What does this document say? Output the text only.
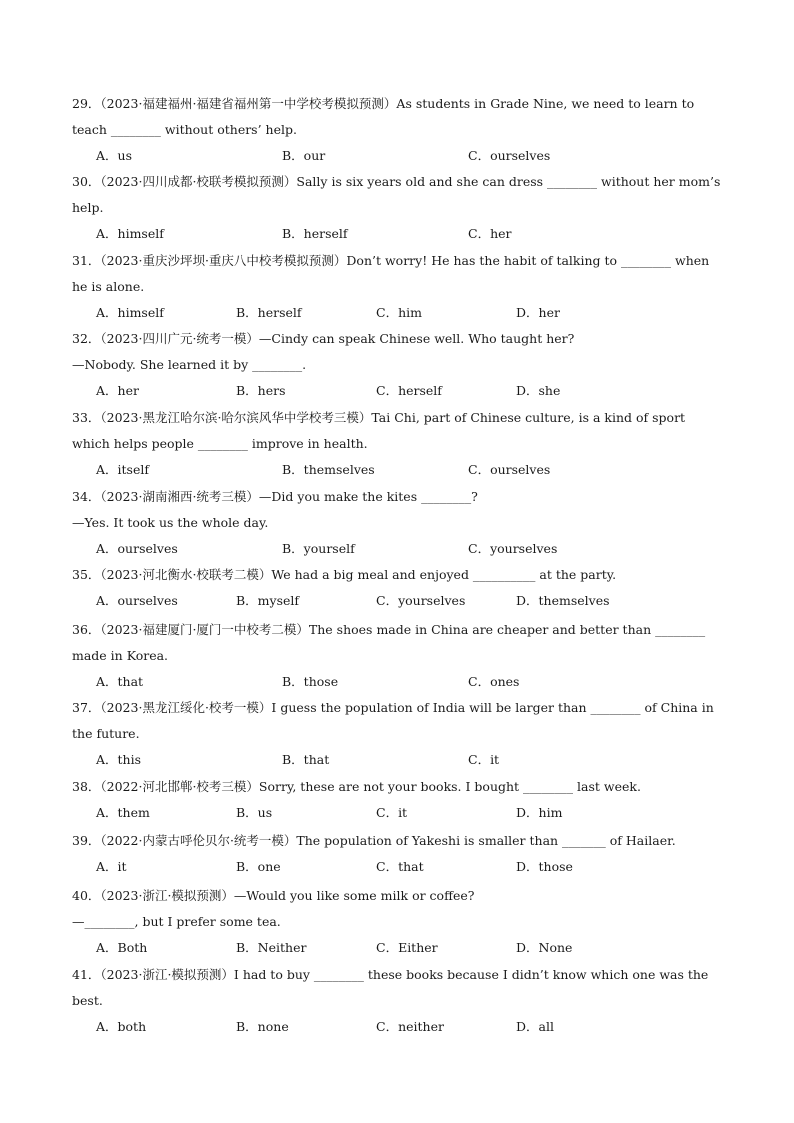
29．（2023·福建福州·福建省福州第一中学校考模拟预测）As students in Grade Nine, we need to learn to teach ________ without others’ help.
A．us	B．our	C．ourselves
30．（2023·四川成都·校联考模拟预测）Sally is six years old and she can dress ________ without her mom’s help.
A．himself	B．herself	C．her
31．（2023·重庆沙坪坝·重庆八中校考模拟预测）Don’t worry! He has the habit of talking to ________ when he is alone.
A．himself	B．herself	C．him	D．her
32．（2023·四川广元·统考一模）—Cindy can speak Chinese well. Who taught her?
—Nobody. She learned it by ________.
A．her	B．hers	C．herself	D．she
33．（2023·黑龙江哈尔滨·哈尔滨风华中学校考三模）Tai Chi, part of Chinese culture, is a kind of sport which helps people ________ improve in health.
A．itself	B．themselves	C．ourselves
34．（2023·湖南湘西·统考三模）—Did you make the kites ________?
—Yes. It took us the whole day.
A．ourselves	B．yourself	C．yourselves
35．（2023·河北衡水·校联考二模）We had a big meal and enjoyed __________ at the party.
A．ourselves	B．myself	C．yourselves	D．themselves
36．（2023·福建厦门·厦门一中校考二模）The shoes made in China are cheaper and better than ________ made in Korea.
A．that	B．those	C．ones
37．（2023·黑龙江绥化·校考一模）I guess the population of India will be larger than ________ of China in the future.
A．this	B．that	C．it
38．（2022·河北邯郸·校考三模）Sorry, these are not your books. I bought ________ last week.
A．them	B．us	C．it	D．him
39．（2022·内蒙古呼伦贝尔·统考一模）The population of Yakeshi is smaller than _______ of Hailaer.
A．it	B．one	C．that	D．those
40．（2023·浙江·模拟预测）—Would you like some milk or coffee?
—________, but I prefer some tea.
A．Both	B．Neither	C．Either	D．None
41．（2023·浙江·模拟预测）I had to buy ________ these books because I didn’t know which one was the best.
A．both	B．none	C．neither	D．all
